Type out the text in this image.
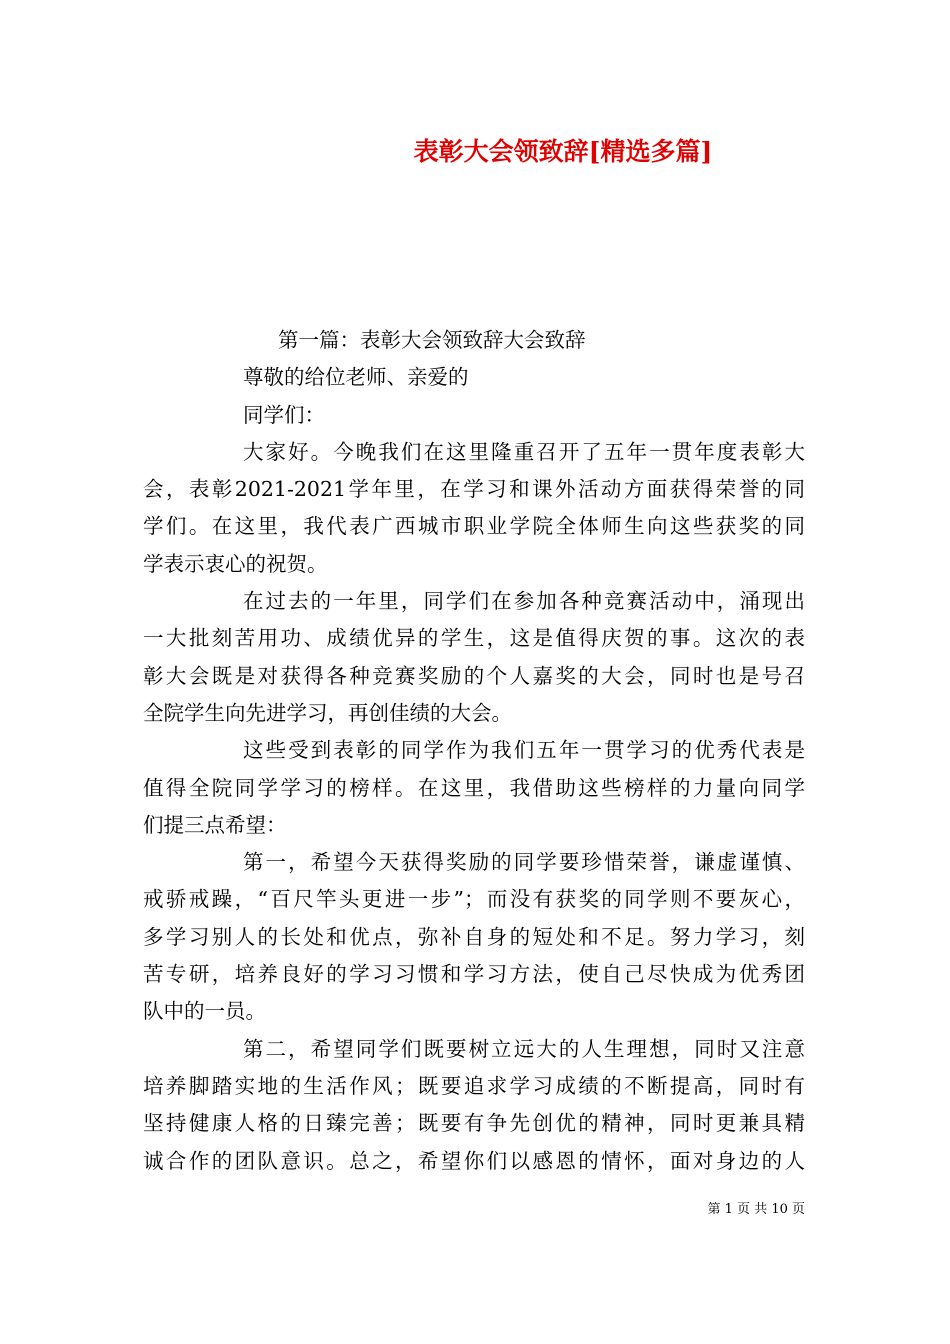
表彰大会领致辞[精选多篇]
第一篇：表彰大会领致辞大会致辞
尊敬的给位老师、亲爱的
同学们：
大家好。今晚我们在这里隆重召开了五年一贯年度表彰大
会，表彰2021-2021学年里，在学习和课外活动方面获得荣誉的同
学们。在这里，我代表广西城市职业学院全体师生向这些获奖的同
学表示衷心的祝贺。
在过去的一年里，同学们在参加各种竞赛活动中，涌现出
一大批刻苦用功、成绩优异的学生，这是值得庆贺的事。这次的表
彰大会既是对获得各种竞赛奖励的个人嘉奖的大会，同时也是号召
全院学生向先进学习，再创佳绩的大会。
这些受到表彰的同学作为我们五年一贯学习的优秀代表是
值得全院同学学习的榜样。在这里，我借助这些榜样的力量向同学
们提三点希望：
第一，希望今天获得奖励的同学要珍惜荣誉，谦虚谨慎、
戒骄戒躁，“百尺竿头更进一步”；而没有获奖的同学则不要灰心，
多学习别人的长处和优点，弥补自身的短处和不足。努力学习，刻
苦专研，培养良好的学习习惯和学习方法，使自己尽快成为优秀团
队中的一员。
第二，希望同学们既要树立远大的人生理想，同时又注意
培养脚踏实地的生活作风；既要追求学习成绩的不断提高，同时有
坚持健康人格的日臻完善；既要有争先创优的精神，同时更兼具精
诚合作的团队意识。总之，希望你们以感恩的情怀，面对身边的人
第 1 页 共 10 页
